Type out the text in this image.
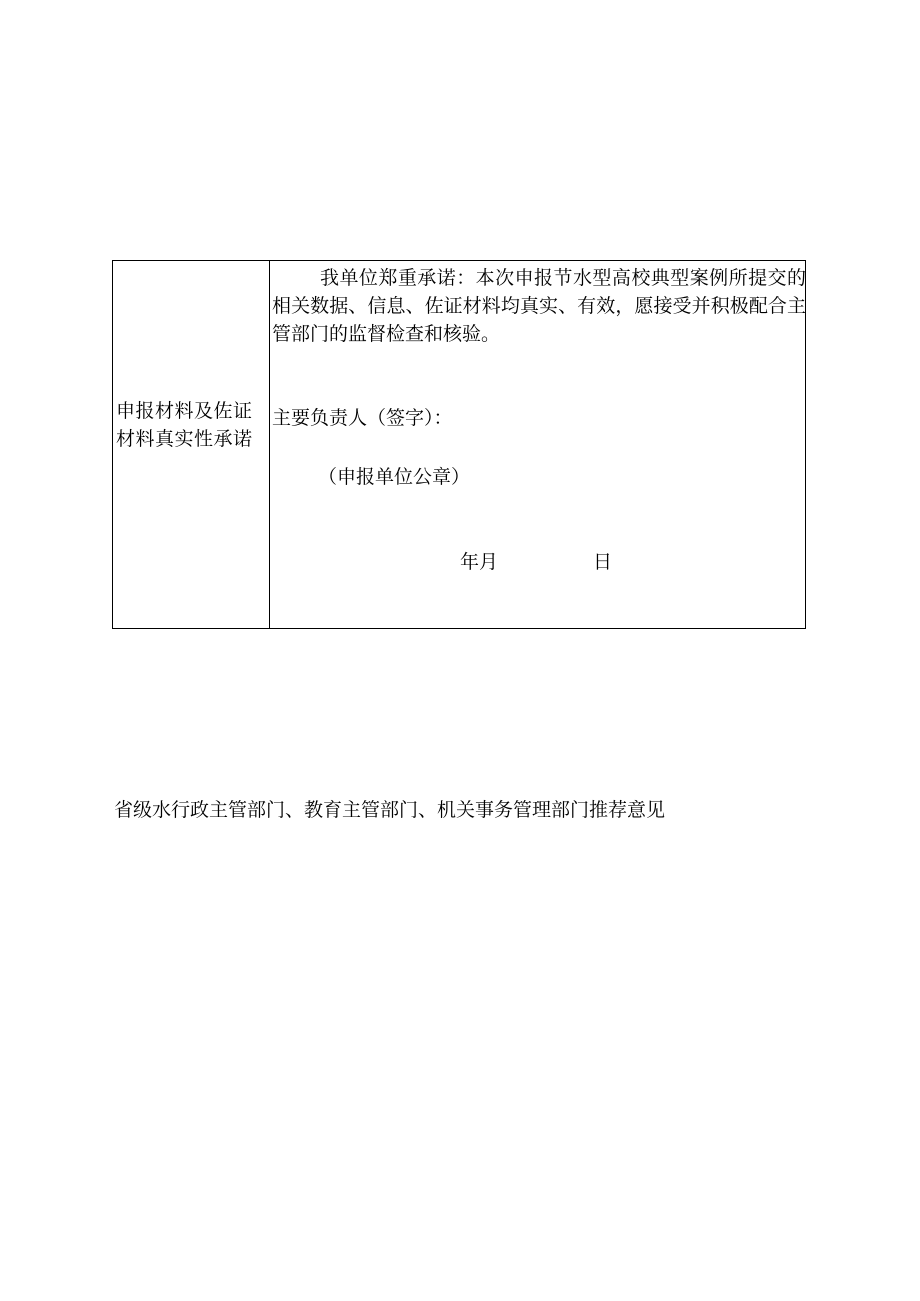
申报材料及佐证材料真实性承诺
我单位郑重承诺：本次申报节水型高校典型案例所提交的相关数据、信息、佐证材料均真实、有效，愿接受并积极配合主管部门的监督检查和核验。
主要负责人（签字）：
（申报单位公章）
年月	日
省级水行政主管部门、教育主管部门、机关事务管理部门推荐意见
